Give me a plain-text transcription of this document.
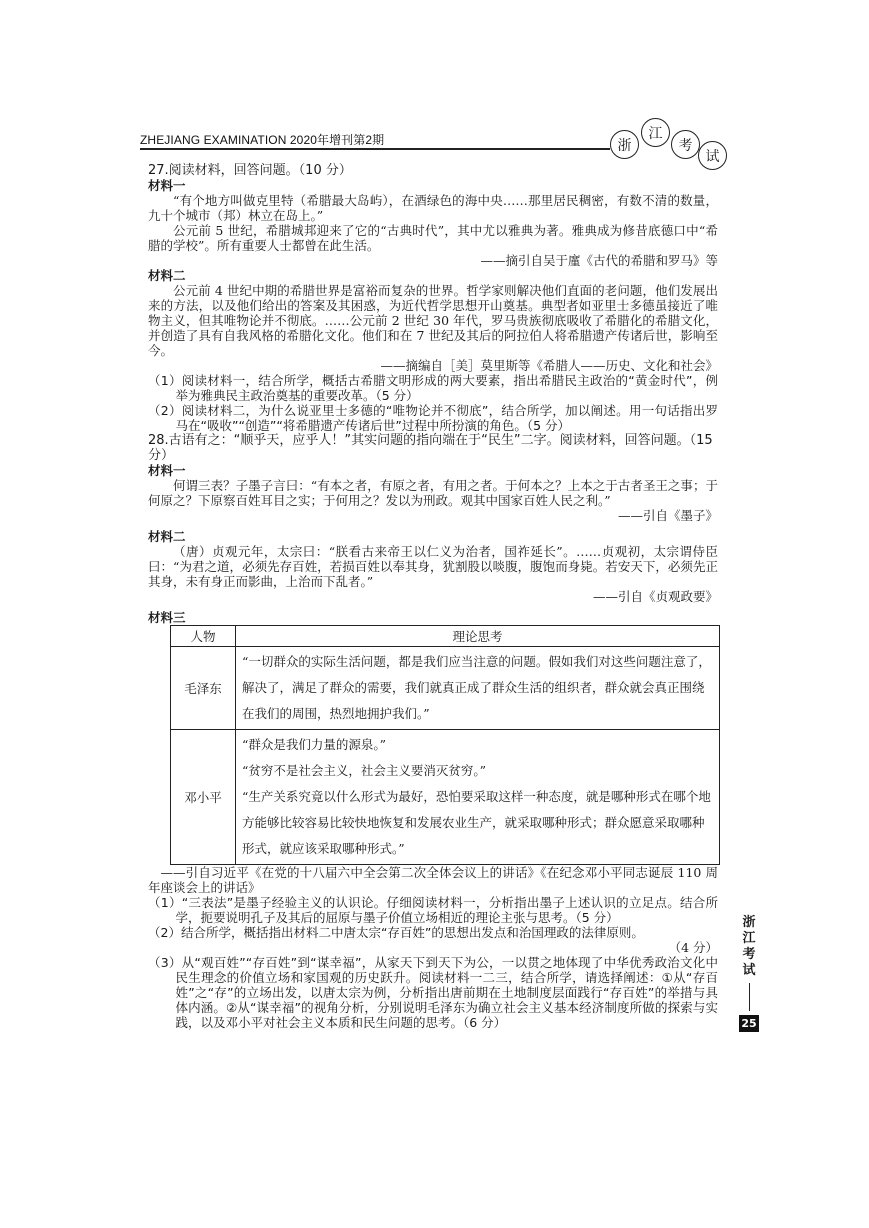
ZHEJIANG EXAMINATION 2020年增刊第2期	浙
江
考
试

27.阅读材料，回答问题。（10 分）

材料一

“有个地方叫做克里特（希腊最大岛屿），在酒绿色的海中央……那里居民稠密，有数不清的数量，九十个城市（邦）林立在岛上。”

公元前 5 世纪，希腊城邦迎来了它的“古典时代”，其中尤以雅典为著。雅典成为修昔底德口中“希腊的学校”。所有重要人士都曾在此生活。

——摘引自吴于廑《古代的希腊和罗马》等

材料二

公元前 4 世纪中期的希腊世界是富裕而复杂的世界。哲学家则解决他们直面的老问题，他们发展出来的方法，以及他们给出的答案及其困惑，为近代哲学思想开山奠基。典型者如亚里士多德虽接近了唯物主义，但其唯物论并不彻底。……公元前 2 世纪 30 年代，罗马贵族彻底吸收了希腊化的希腊文化，并创造了具有自我风格的希腊化文化。他们和在 7 世纪及其后的阿拉伯人将希腊遗产传诸后世，影响至今。

——摘编自［美］莫里斯等《希腊人——历史、文化和社会》

（1）阅读材料一，结合所学，概括古希腊文明形成的两大要素，指出希腊民主政治的“黄金时代”，例举为雅典民主政治奠基的重要改革。（5 分）

（2）阅读材料二，为什么说亚里士多德的“唯物论并不彻底”，结合所学，加以阐述。用一句话指出罗马在“吸收”“创造”“将希腊遗产传诸后世”过程中所扮演的角色。（5 分）

28.古语有之：“顺乎天，应乎人！”其实问题的指向端在于“民生”二字。阅读材料，回答问题。（15 分）

材料一

何谓三表？子墨子言曰：“有本之者，有原之者，有用之者。于何本之？上本之于古者圣王之事；于何原之？下原察百姓耳目之实；于何用之？发以为刑政。观其中国家百姓人民之利。”

——引自《墨子》

材料二

（唐）贞观元年，太宗曰：“朕看古来帝王以仁义为治者，国祚延长”。……贞观初，太宗谓侍臣曰：“为君之道，必须先存百姓，若损百姓以奉其身，犹割股以啖腹，腹饱而身毙。若安天下，必须先正其身，未有身正而影曲，上治而下乱者。”

——引自《贞观政要》

材料三

人物	理论思考
毛泽东	“一切群众的实际生活问题，都是我们应当注意的问题。假如我们对这些问题注意了，解决了，满足了群众的需要，我们就真正成了群众生活的组织者，群众就会真正围绕在我们的周围，热烈地拥护我们。”

邓小平	“群众是我们力量的源泉。”

“贫穷不是社会主义，社会主义要消灭贫穷。”

“生产关系究竟以什么形式为最好，恐怕要采取这样一种态度，就是哪种形式在哪个地方能够比较容易比较快地恢复和发展农业生产，就采取哪种形式；群众愿意采取哪种形式，就应该采取哪种形式。”

——引自习近平《在党的十八届六中全会第二次全体会议上的讲话》《在纪念邓小平同志诞辰 110 周年座谈会上的讲话》

（1）“三表法”是墨子经验主义的认识论。仔细阅读材料一，分析指出墨子上述认识的立足点。结合所学，扼要说明孔子及其后的屈原与墨子价值立场相近的理论主张与思考。（5 分）

（2）结合所学，概括指出材料二中唐太宗“存百姓”的思想出发点和治国理政的法律原则。

（4 分）

（3）从“观百姓”“存百姓”到“谋幸福”，从家天下到天下为公，一以贯之地体现了中华优秀政治文化中民生理念的价值立场和家国观的历史跃升。阅读材料一二三，结合所学，请选择阐述：①从“存百姓”之“存”的立场出发，以唐太宗为例，分析指出唐前期在土地制度层面践行“存百姓”的举措与具体内涵。②从“谋幸福”的视角分析，分别说明毛泽东为确立社会主义基本经济制度所做的探索与实践，以及邓小平对社会主义本质和民生问题的思考。（6 分）

浙
江
考
试
25
